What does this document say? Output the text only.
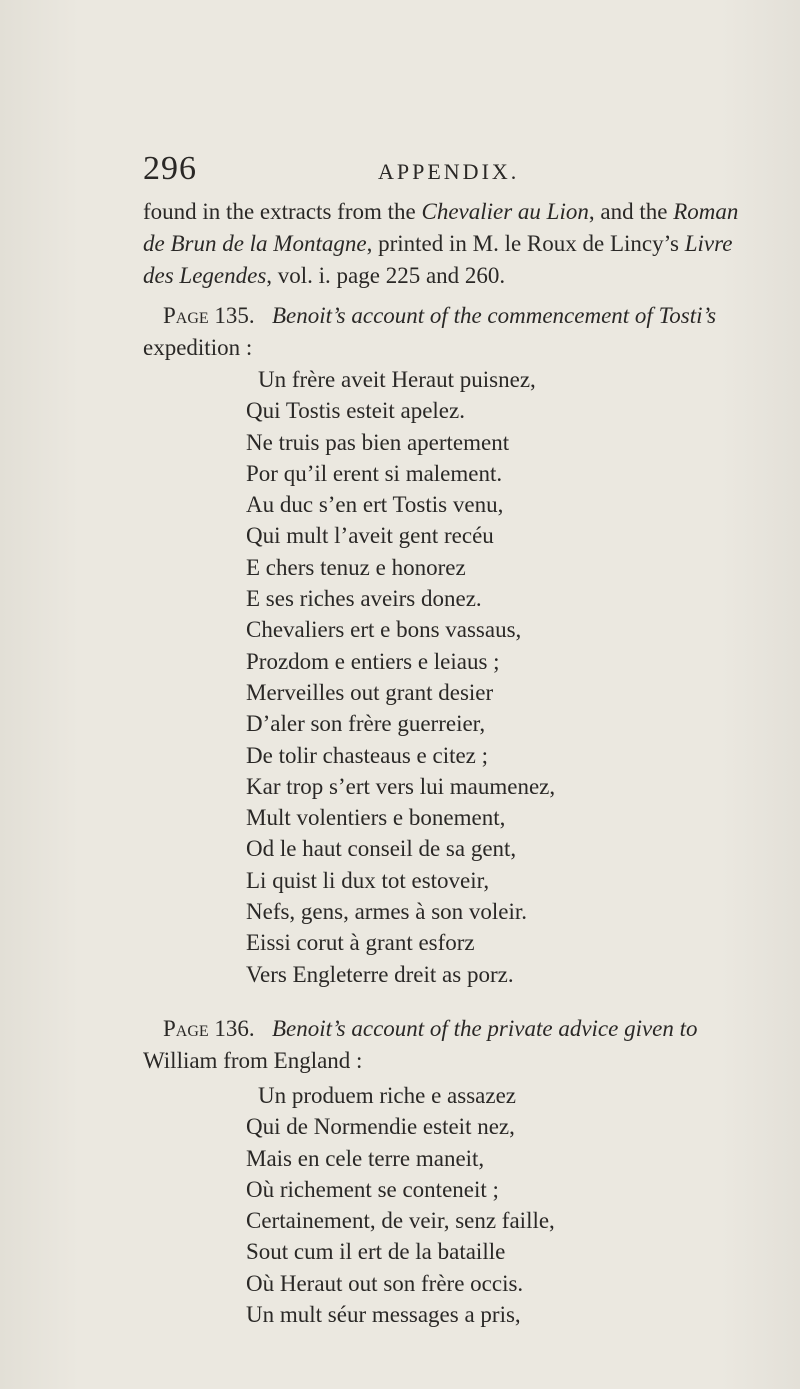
296	APPENDIX.

found in the extracts from the Chevalier au Lion, and the Roman
de Brun de la Montagne, printed in M. le Roux de Lincy’s Livre
des Legendes, vol. i. page 225 and 260.

Page 135. Benoit’s account of the commencement of Tosti’s
expedition :

Un frère aveit Heraut puisnez,
Qui Tostis esteit apelez.
Ne truis pas bien apertement
Por qu’il erent si malement.
Au duc s’en ert Tostis venu,
Qui mult l’aveit gent recéu
E chers tenuz e honorez
E ses riches aveirs donez.
Chevaliers ert e bons vassaus,
Prozdom e entiers e leiaus ;
Merveilles out grant desier
D’aler son frère guerreier,
De tolir chasteaus e citez ;
Kar trop s’ert vers lui maumenez,
Mult volentiers e bonement,
Od le haut conseil de sa gent,
Li quist li dux tot estoveir,
Nefs, gens, armes à son voleir.
Eissi corut à grant esforz
Vers Engleterre dreit as porz.

Page 136. Benoit’s account of the private advice given to
William from England :

Un produem riche e assazez
Qui de Normendie esteit nez,
Mais en cele terre maneit,
Où richement se conteneit ;
Certainement, de veir, senz faille,
Sout cum il ert de la bataille
Où Heraut out son frère occis.
Un mult séur messages a pris,
